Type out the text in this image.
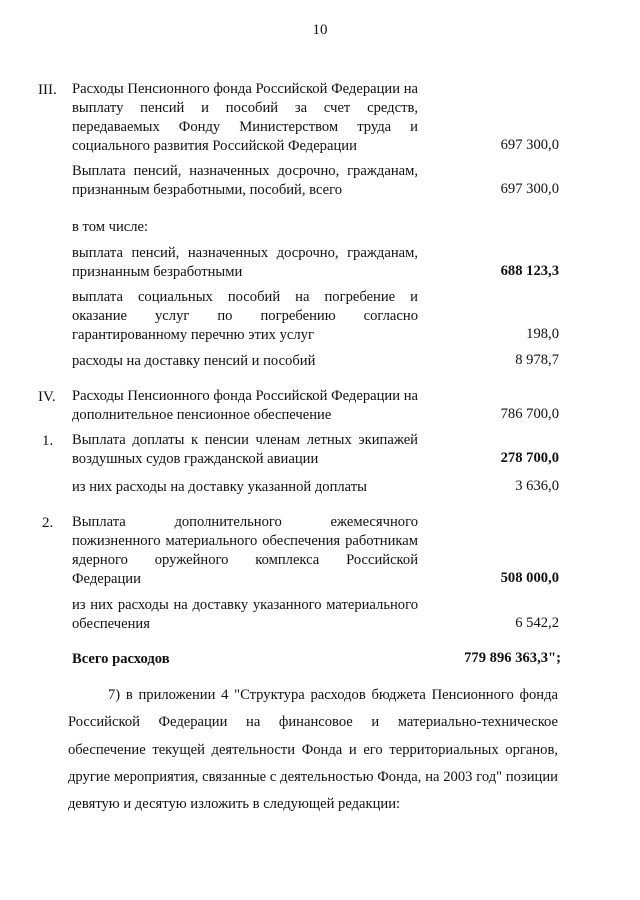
10
III. Расходы Пенсионного фонда Российской Федерации на выплату пенсий и пособий за счет средств, передаваемых Фонду Министерством труда и социального развития Российской Федерации	697 300,0
Выплата пенсий, назначенных досрочно, гражданам, признанным безработными, пособий, всего	697 300,0
в том числе:
выплата пенсий, назначенных досрочно, гражданам, признанным безработными	688 123,3
выплата социальных пособий на погребение и оказание услуг по погребению согласно гарантированному перечню этих услуг	198,0
расходы на доставку пенсий и пособий	8 978,7
IV. Расходы Пенсионного фонда Российской Федерации на дополнительное пенсионное обеспечение	786 700,0
1. Выплата доплаты к пенсии членам летных экипажей воздушных судов гражданской авиации	278 700,0
из них расходы на доставку указанной доплаты	3 636,0
2. Выплата дополнительного ежемесячного пожизненного материального обеспечения работникам ядерного оружейного комплекса Российской Федерации	508 000,0
из них расходы на доставку указанного материального обеспечения	6 542,2
Всего расходов	779 896 363,3";
7) в приложении 4 "Структура расходов бюджета Пенсионного фонда Российской Федерации на финансовое и материально-техническое обеспечение текущей деятельности Фонда и его территориальных органов, другие мероприятия, связанные с деятельностью Фонда, на 2003 год" позиции девятую и десятую изложить в следующей редакции:
